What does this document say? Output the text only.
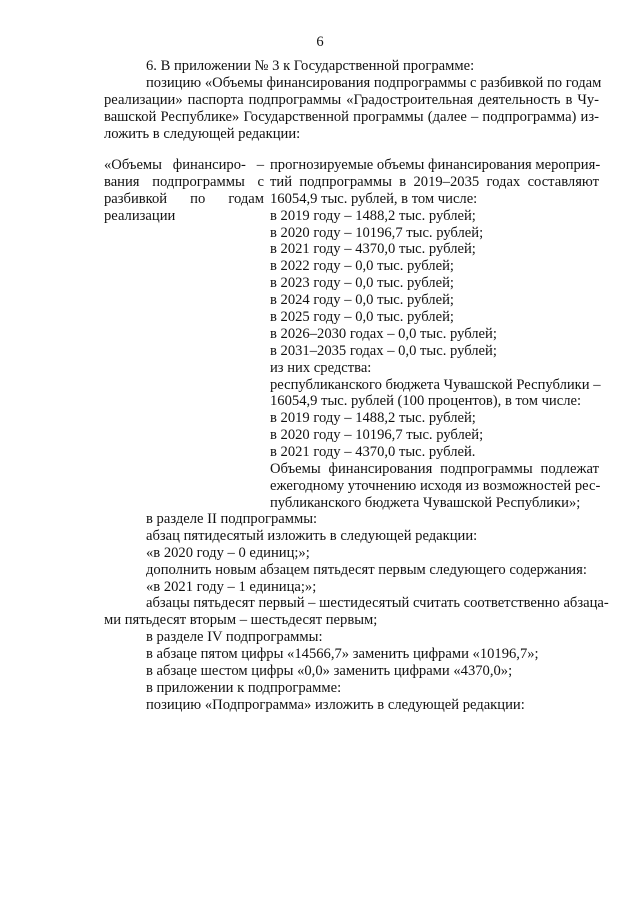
6
6. В приложении № 3 к Государственной программе:
позицию «Объемы финансирования подпрограммы с разбивкой по годам
реализации» паспорта подпрограммы «Градостроительная деятельность в Чу-
вашской Республике» Государственной программы (далее – подпрограмма) из-
ложить в следующей редакции:
«Объемы финансиро- –
вания подпрограммы с
разбивкой по годам
реализации
прогнозируемые объемы финансирования мероприя-
тий подпрограммы в 2019–2035 годах составляют
16054,9 тыс. рублей, в том числе:
в 2019 году – 1488,2 тыс. рублей;
в 2020 году – 10196,7 тыс. рублей;
в 2021 году – 4370,0 тыс. рублей;
в 2022 году – 0,0 тыс. рублей;
в 2023 году – 0,0 тыс. рублей;
в 2024 году – 0,0 тыс. рублей;
в 2025 году – 0,0 тыс. рублей;
в 2026–2030 годах – 0,0 тыс. рублей;
в 2031–2035 годах – 0,0 тыс. рублей;
из них средства:
республиканского бюджета Чувашской Республики –
16054,9 тыс. рублей (100 процентов), в том числе:
в 2019 году – 1488,2 тыс. рублей;
в 2020 году – 10196,7 тыс. рублей;
в 2021 году – 4370,0 тыс. рублей.
Объемы финансирования подпрограммы подлежат
ежегодному уточнению исходя из возможностей рес-
публиканского бюджета Чувашской Республики»;
в разделе II подпрограммы:
абзац пятидесятый изложить в следующей редакции:
«в 2020 году – 0 единиц;»;
дополнить новым абзацем пятьдесят первым следующего содержания:
«в 2021 году – 1 единица;»;
абзацы пятьдесят первый – шестидесятый считать соответственно абзаца-
ми пятьдесят вторым – шестьдесят первым;
в разделе IV подпрограммы:
в абзаце пятом цифры «14566,7» заменить цифрами «10196,7»;
в абзаце шестом цифры «0,0» заменить цифрами «4370,0»;
в приложении к подпрограмме:
позицию «Подпрограмма» изложить в следующей редакции:
